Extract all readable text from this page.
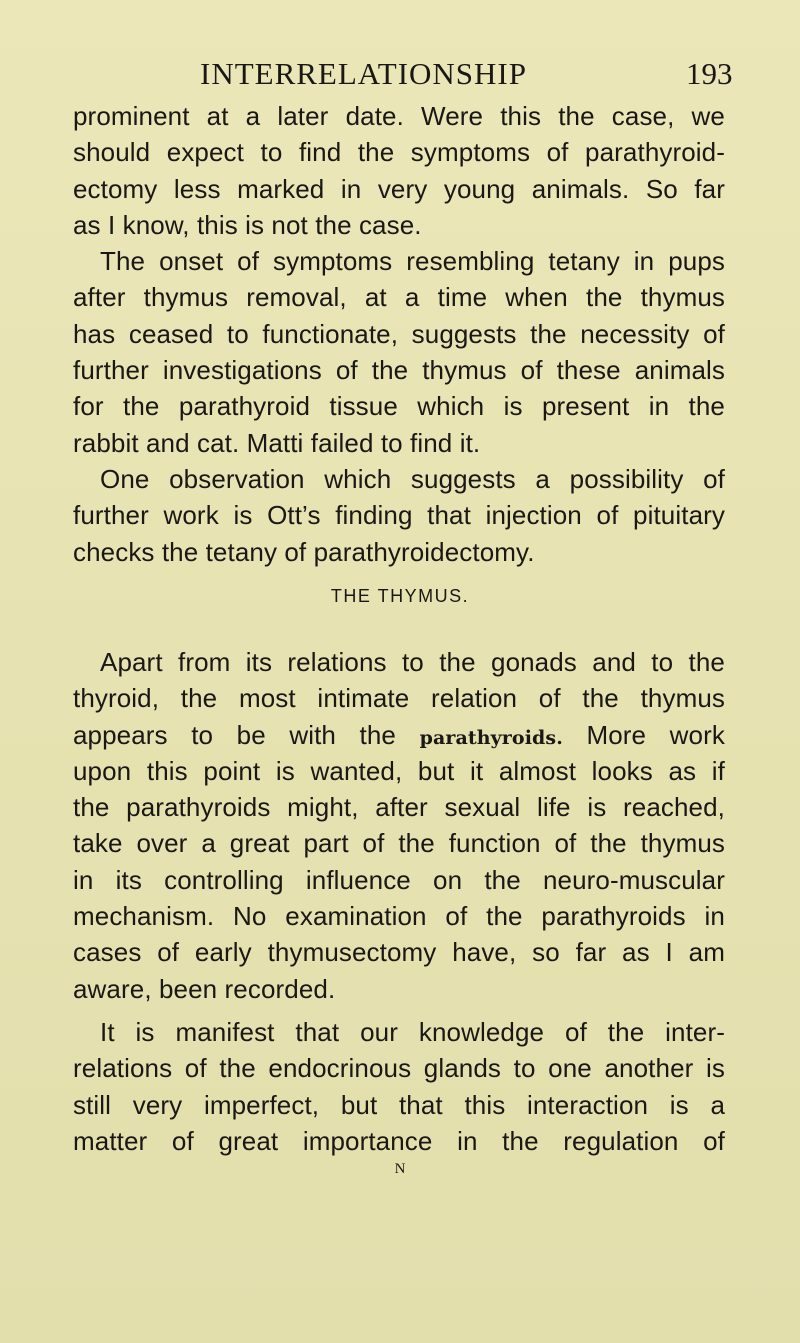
INTERRELATIONSHIP	193
prominent at a later date. Were this the case, we
should expect to find the symptoms of parathyroid-
ectomy less marked in very young animals. So far
as I know, this is not the case.
The onset of symptoms resembling tetany in pups
after thymus removal, at a time when the thymus
has ceased to functionate, suggests the necessity of
further investigations of the thymus of these animals
for the parathyroid tissue which is present in the
rabbit and cat. Matti failed to find it.
One observation which suggests a possibility of
further work is Ott’s finding that injection of pituitary
checks the tetany of parathyroidectomy.
THE THYMUS.
Apart from its relations to the gonads and to the
thyroid, the most intimate relation of the thymus
appears to be with the parathyroids. More work
upon this point is wanted, but it almost looks as if
the parathyroids might, after sexual life is reached,
take over a great part of the function of the thymus
in its controlling influence on the neuro-muscular
mechanism. No examination of the parathyroids in
cases of early thymusectomy have, so far as I am
aware, been recorded.
It is manifest that our knowledge of the inter-
relations of the endocrinous glands to one another is
still very imperfect, but that this interaction is a
matter of great importance in the regulation of
N
